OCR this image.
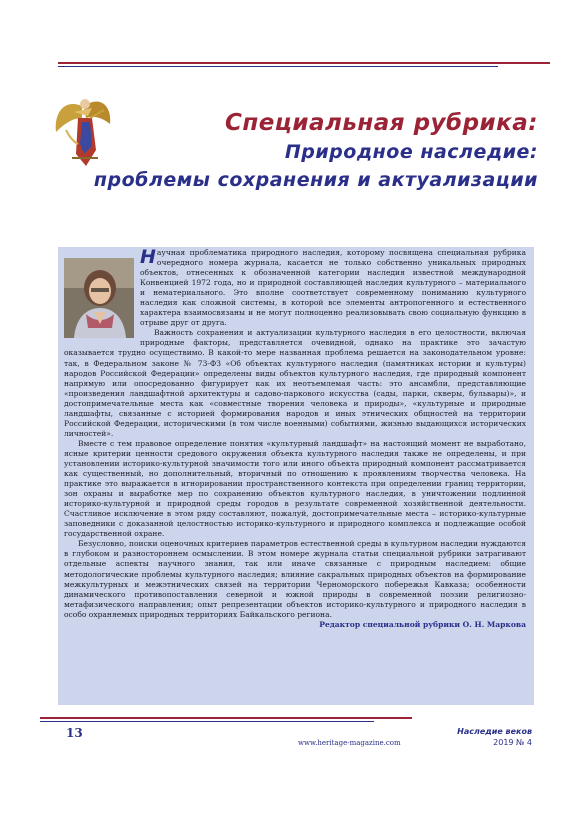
Специальная рубрика:
Природное наследие:
проблемы сохранения и актуализации

Научная проблематика природного наследия, которому посвящена специальная рубрика очередного номера журнала, касается не только собственно уникальных природных объектов, отнесенных к обозначенной категории наследия известной международной Конвенцией 1972 года, но и природной составляющей наследия культурного – материального и нематериального. Это вполне соответствует современному пониманию культурного наследия как сложной системы, в которой все элементы антропогенного и естественного характера взаимосвязаны и не могут полноценно реализовывать свою социальную функцию в отрыве друг от друга.

Важность сохранения и актуализации культурного наследия в его целостности, включая природные факторы, представляется очевидной, однако на практике это зачастую оказывается трудно осуществимо. В какой-то мере названная проблема решается на законодательном уровне: так, в Федеральном законе № 73-ФЗ «Об объектах культурного наследия (памятниках истории и культуры) народов Российской Федерации» определены виды объектов культурного наследия, где природный компонент напрямую или опосредованно фигурирует как их неотъемлемая часть: это ансамбли, представляющие «произведения ландшафтной архитектуры и садово-паркового искусства (сады, парки, скверы, бульвары)», и достопримечательные места как «совместные творения человека и природы», «культурные и природные ландшафты, связанные с историей формирования народов и иных этнических общностей на территории Российской Федерации, историческими (в том числе военными) событиями, жизнью выдающихся исторических личностей».

Вместе с тем правовое определение понятия «культурный ландшафт» на настоящий момент не выработано, ясные критерии ценности средового окружения объекта культурного наследия также не определены, и при установлении историко-культурной значимости того или иного объекта природный компонент рассматривается как существенный, но дополнительный, вторичный по отношению к проявлениям творчества человека. На практике это выражается в игнорировании пространственного контекста при определении границ территории, зон охраны и выработке мер по сохранению объектов культурного наследия, в уничтожении подлинной историко-культурной и природной среды городов в результате современной хозяйственной деятельности. Счастливое исключение в этом ряду составляют, пожалуй, достопримечательные места – историко-культурные заповедники с доказанной целостностью историко-культурного и природного комплекса и подлежащие особой государственной охране.

Безусловно, поиски оценочных критериев параметров естественной среды в культурном наследии нуждаются в глубоком и разностороннем осмыслении. В этом номере журнала статьи специальной рубрики затрагивают отдельные аспекты научного знания, так или иначе связанные с природным наследием: общие методологические проблемы культурного наследия; влияние сакральных природных объектов на формирование межкультурных и межэтнических связей на территории Черноморского побережья Кавказа; особенности динамического противопоставления северной и южной природы в современной поэзии религиозно-метафизического направления; опыт репрезентации объектов историко-культурного и природного наследия в особо охраняемых природных территориях Байкальского региона.

Редактор специальной рубрики О. Н. Маркова

13
www.heritage-magazine.com
Наследие веков
2019 № 4
